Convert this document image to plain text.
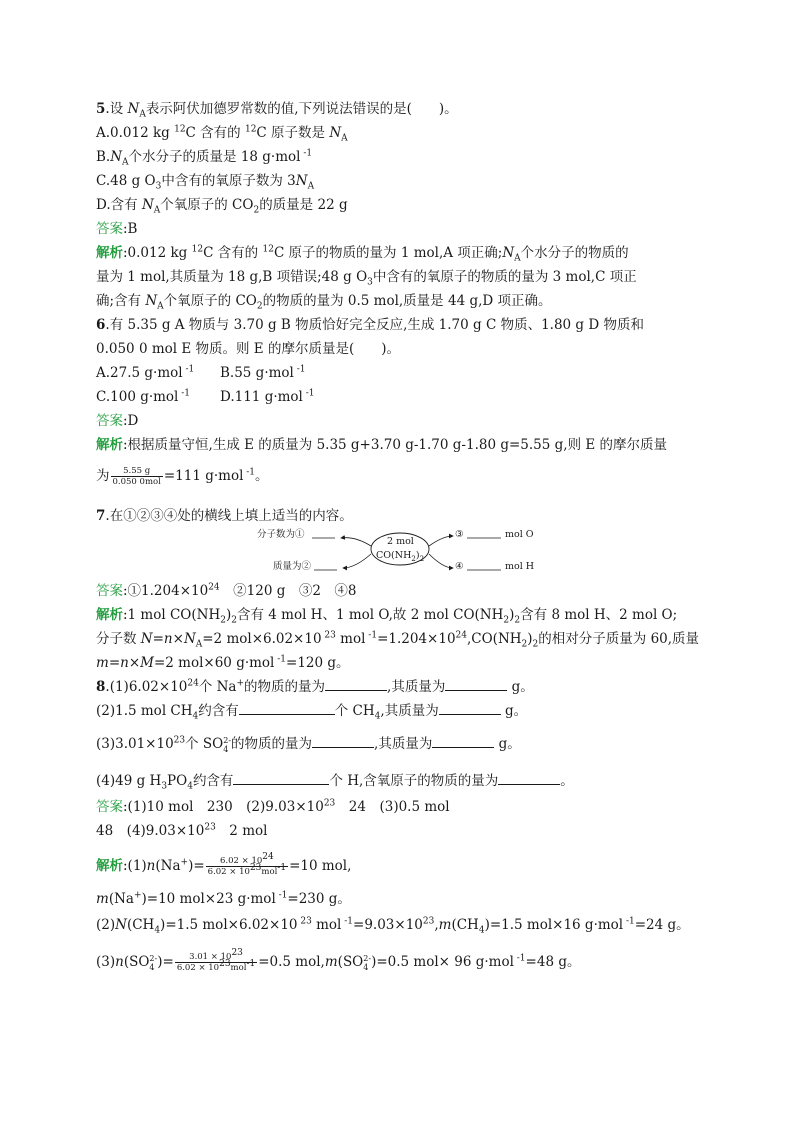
5.设 $N_A$表示阿伏加德罗常数的值,下列说法错误的是(　　)。
A.0.012 kg $^{12}$C 含有的 $^{12}$C 原子数是 $N_A$
$B.N_A$个水分子的质量是 18 g·mol $^{-1}$
C.48 g $O_3$中含有的氧原子数为 $3N_A$
D.含有 $N_A$个氧原子的 $CO_2$的质量是 22 g
答案:B
解析:0.012 kg $^{12}$C 含有的 $^{12}$C 原子的物质的量为 1 mol,A 项正确$;N_A$个水分子的物质的
量为 1 mol,其质量为 18 g,B 项错误;48 g $O_3$中含有的氧原子的物质的量为 3 mol,C 项正
确;含有 $N_A$个氧原子的 $CO_2$的物质的量为 0.5 mol,质量是 44 g,D 项正确。
6.有 5.35 g A 物质与 3.70 g B 物质恰好完全反应,生成 1.70 g C 物质、1.80 g D 物质和
0.050 0 mol E 物质。则 E 的摩尔质量是(　　)。
A.27.5 g·mol $^{-1}$ B.55 g·mol $^{-1}$
C.100 g·mol $^{-1}$ D.111 g·mol $^{-1}$
答案:D
解析:根据质量守恒,生成 E 的质量为 5.35 g+3.70 g-1.70 g-1.80 g=5.55 g,则 E 的摩尔质量
为 $\frac{5.55 g}{\text{0.050 0mol}} =111$ g·mol $^{-1}$。
7.在①②③④处的横线上填上适当的内容。
分子数为①
质量为②
2 mol
$CO(NH_2)_2$
③	mol O
④	mol H
答案$:①1.204\times 10^{24}$　②120 g　③2　④8
解析:1 mol $CO(NH_2)_2$含有 4 mol H、1 mol O,故 2 mol $CO(NH_2)_2$含有 8 mol H、2 mol O;
分子数 $N=n\times N_A=2$ mol×6.02×10 $^{23}$ mol $^{-1}=1.204\times 10^{24},CO(NH_2)_2$的相对分子质量为 60,质量
m=n×M=2 mol×60 g·mol $^{-1}$=120 g。
$8.(1)6.02\times 10^{24}$个 Na+的物质的量为	,其质量为	g。
(2)1.5 mol $CH_4$约含有	个 $CH_4$,其质量为	g。
$(3)3.01\times 10^{23}$个 SO 2-
4 的物质的量为	,其质量为	g。
(4)49 g $H_3PO_4$约含有	个 H,含氧原子的物质的量为	。
答案:(1)10 mol　230　$(2)9.03\times 10^{23}$　24　(3)0.5 mol
48　$(4)9.03\times 10^{23}$　2 mol
解析:(1)n(Na+)= $\frac{6.02 \times 10^{24}}{6.02 \times 10^{23}mol^{-1}} =10$ mol,
m(Na+)=10 mol×23 g·mol $^{-1}$=230 g。
$(2)N(CH_4)=1.5$ mol×6.02×10 $^{23}$ mol $^{-1}=9.03\times 10^{23},m(CH_4)=1.5$ mol×16 g·mol $^{-1}$=24 g。
(3)n(SO 2-
4 )= $\frac{3.01 \times 10^{23}}{6.02 \times 10^{23}mol^{-1}} =0.5$ mol,m(SO 2-
4 )=0.5 mol× 96 g·mol $^{-1}$=48 g。
